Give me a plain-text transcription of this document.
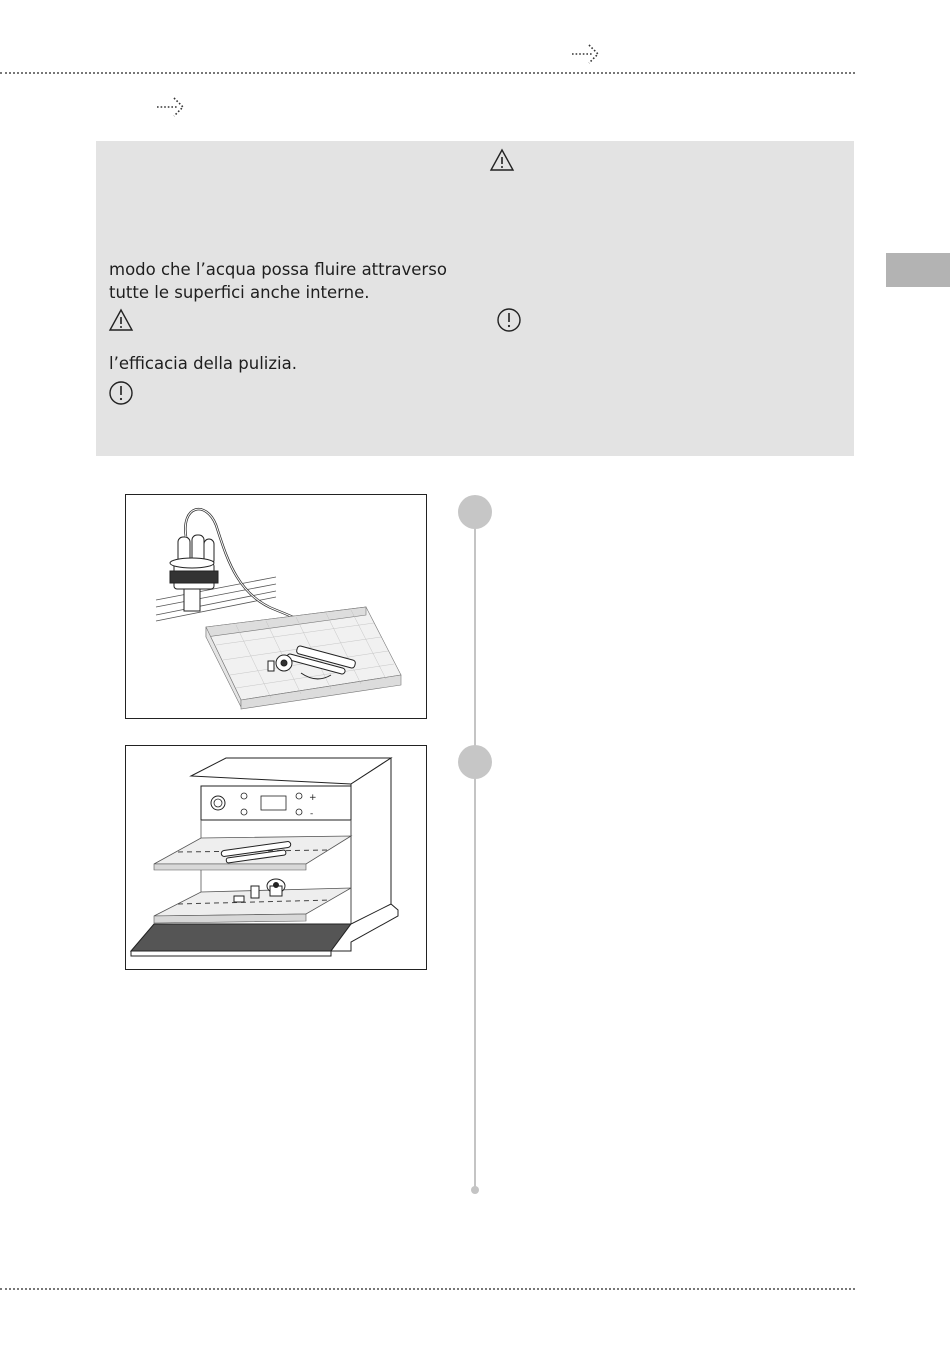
modo che l’acqua possa fluire attraverso
tutte le superfici anche interne.
l’efficacia della pulizia.
+
-
